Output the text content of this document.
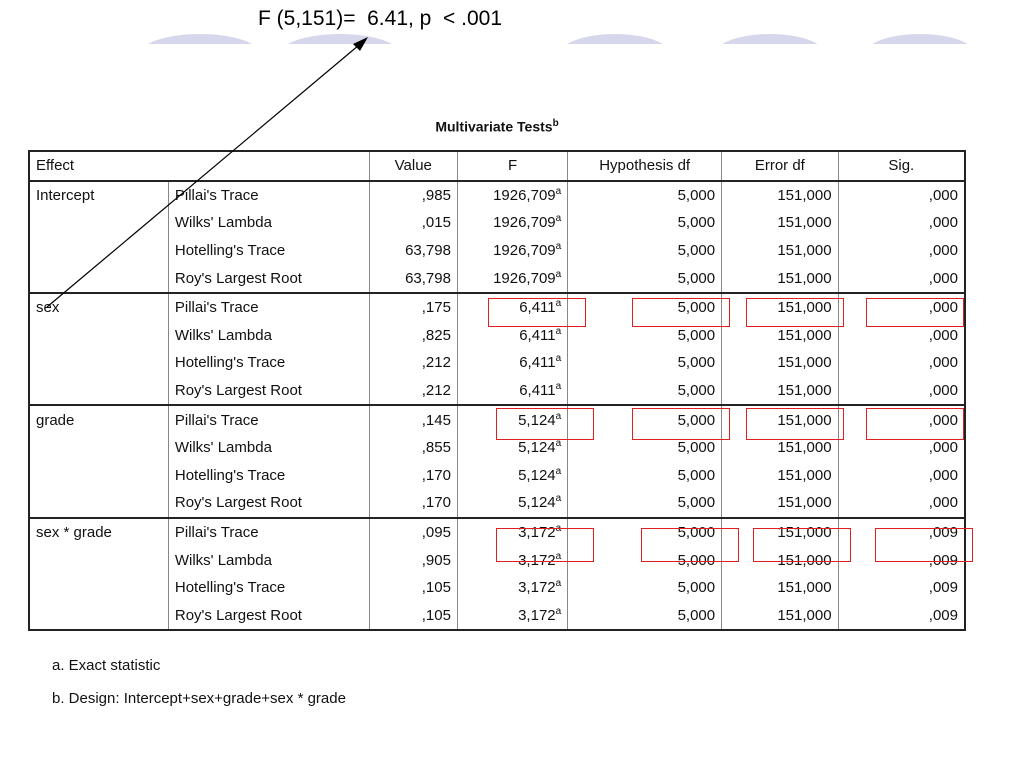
F (5,151)=  6.41, p  < .001
Multivariate Tests$^b$
Effect		Value	F	Hypothesis df	Error df	Sig.
Intercept	Pillai's Trace	,985	1926,709$^a$	5,000	151,000	,000
	Wilks' Lambda	,015	1926,709$^a$	5,000	151,000	,000
	Hotelling's Trace	63,798	1926,709$^a$	5,000	151,000	,000
	Roy's Largest Root	63,798	1926,709$^a$	5,000	151,000	,000
sex	Pillai's Trace	,175	6,411$^a$	5,000	151,000	,000
	Wilks' Lambda	,825	6,411$^a$	5,000	151,000	,000
	Hotelling's Trace	,212	6,411$^a$	5,000	151,000	,000
	Roy's Largest Root	,212	6,411$^a$	5,000	151,000	,000
grade	Pillai's Trace	,145	5,124$^a$	5,000	151,000	,000
	Wilks' Lambda	,855	5,124$^a$	5,000	151,000	,000
	Hotelling's Trace	,170	5,124$^a$	5,000	151,000	,000
	Roy's Largest Root	,170	5,124$^a$	5,000	151,000	,000
sex * grade	Pillai's Trace	,095	3,172$^a$	5,000	151,000	,009
	Wilks' Lambda	,905	3,172$^a$	5,000	151,000	,009
	Hotelling's Trace	,105	3,172$^a$	5,000	151,000	,009
	Roy's Largest Root	,105	3,172$^a$	5,000	151,000	,009
a. Exact statistic
b. Design: Intercept+sex+grade+sex * grade
